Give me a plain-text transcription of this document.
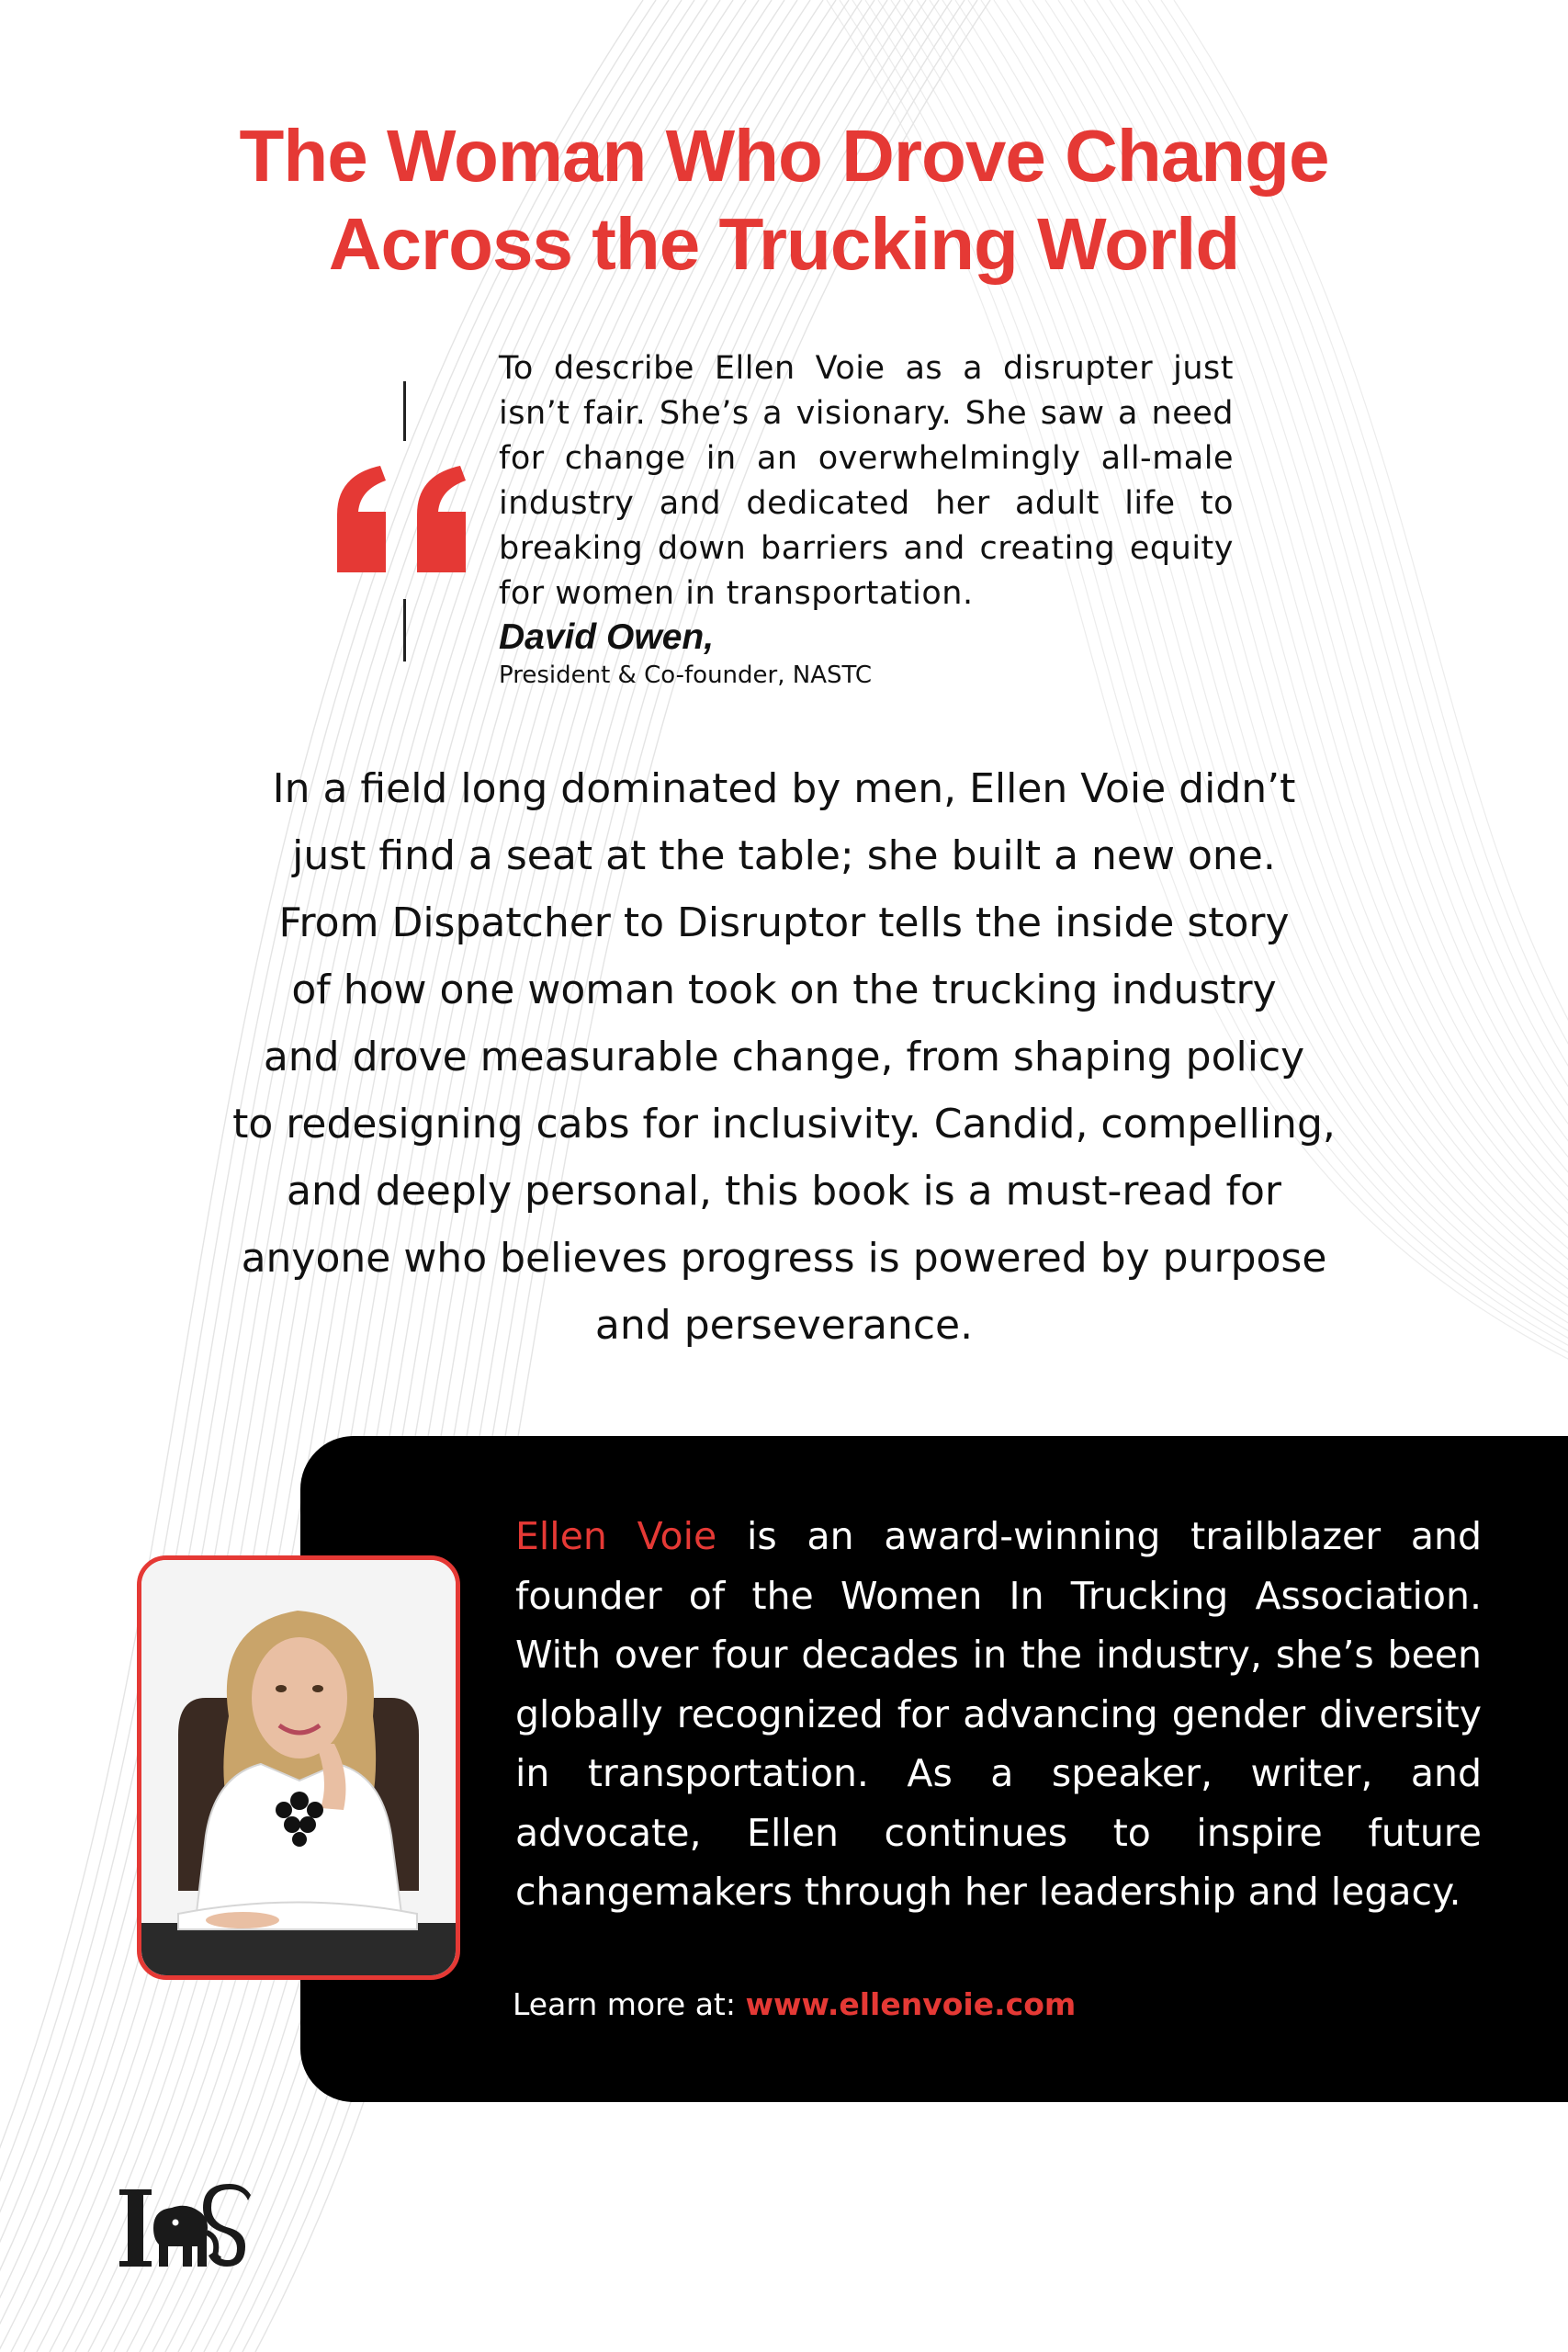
The Woman Who Drove Change
Across the Trucking World
To describe Ellen Voie as a disrupter just isn’t fair. She’s a visionary. She saw a need for change in an overwhelmingly all-male industry and dedicated her adult life to breaking down barriers and creating equity for women in transportation.
David Owen,
President & Co-founder, NASTC
In a field long dominated by men, Ellen Voie didn’t
just find a seat at the table; she built a new one.
From Dispatcher to Disruptor tells the inside story
of how one woman took on the trucking industry
and drove measurable change, from shaping policy
to redesigning cabs for inclusivity. Candid, compelling,
and deeply personal, this book is a must-read for
anyone who believes progress is powered by purpose
and perseverance.
Ellen Voie is an award-winning trailblazer and founder of the Women In Trucking Association. With over four decades in the industry, she’s been globally recognized for advancing gender diversity in transportation. As a speaker, writer, and advocate, Ellen continues to inspire future changemakers through her leadership and legacy.
Learn more at: www.ellenvoie.com
